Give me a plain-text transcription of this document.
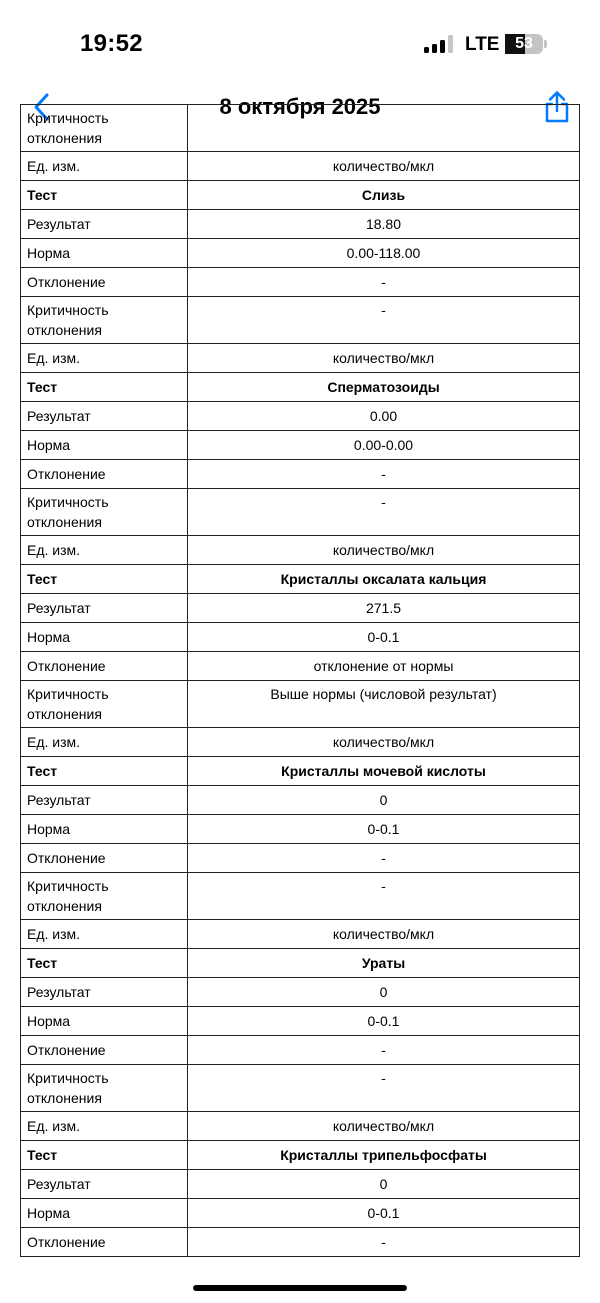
19:52	LTE 53
8 октября 2025
Критичность отклонения	
Ед. изм.	количество/мкл
Тест	Слизь
Результат	18.80
Норма	0.00-118.00
Отклонение	-
Критичность отклонения	-
Ед. изм.	количество/мкл
Тест	Сперматозоиды
Результат	0.00
Норма	0.00-0.00
Отклонение	-
Критичность отклонения	-
Ед. изм.	количество/мкл
Тест	Кристаллы оксалата кальция
Результат	271.5
Норма	0-0.1
Отклонение	отклонение от нормы
Критичность отклонения	Выше нормы (числовой результат)
Ед. изм.	количество/мкл
Тест	Кристаллы мочевой кислоты
Результат	0
Норма	0-0.1
Отклонение	-
Критичность отклонения	-
Ед. изм.	количество/мкл
Тест	Ураты
Результат	0
Норма	0-0.1
Отклонение	-
Критичность отклонения	-
Ед. изм.	количество/мкл
Тест	Кристаллы трипельфосфаты
Результат	0
Норма	0-0.1
Отклонение	-
